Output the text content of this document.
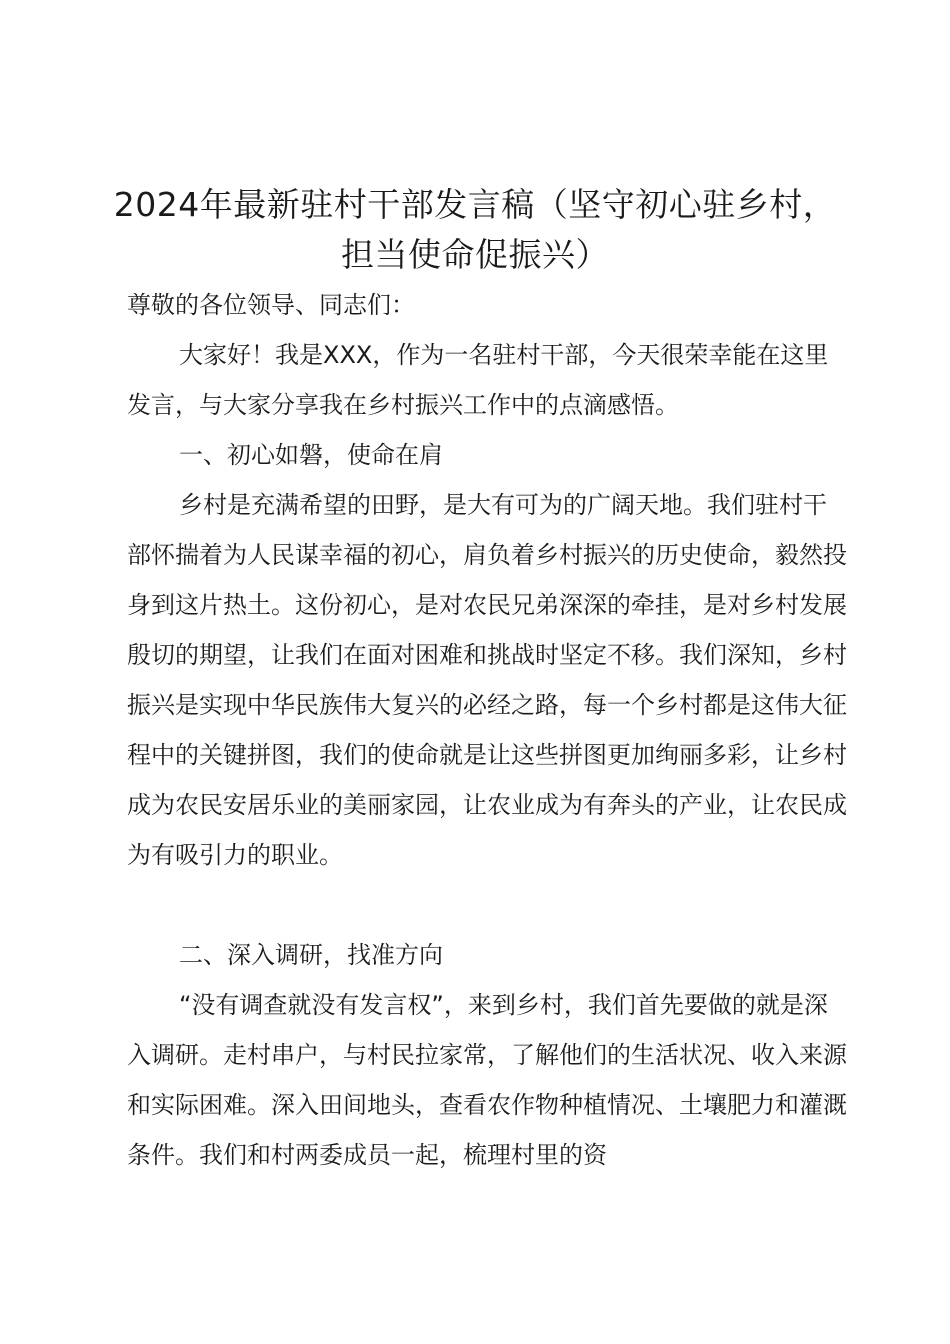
2024年最新驻村干部发言稿（坚守初心驻乡村，担当使命促振兴）

尊敬的各位领导、同志们：

大家好！我是XXX，作为一名驻村干部，今天很荣幸能在这里发言，与大家分享我在乡村振兴工作中的点滴感悟。

一、初心如磐，使命在肩

乡村是充满希望的田野，是大有可为的广阔天地。我们驻村干部怀揣着为人民谋幸福的初心，肩负着乡村振兴的历史使命，毅然投身到这片热土。这份初心，是对农民兄弟深深的牵挂，是对乡村发展殷切的期望，让我们在面对困难和挑战时坚定不移。我们深知，乡村振兴是实现中华民族伟大复兴的必经之路，每一个乡村都是这伟大征程中的关键拼图，我们的使命就是让这些拼图更加绚丽多彩，让乡村成为农民安居乐业的美丽家园，让农业成为有奔头的产业，让农民成为有吸引力的职业。

二、深入调研，找准方向

“没有调查就没有发言权”，来到乡村，我们首先要做的就是深入调研。走村串户，与村民拉家常，了解他们的生活状况、收入来源和实际困难。深入田间地头，查看农作物种植情况、土壤肥力和灌溉条件。我们和村两委成员一起，梳理村里的资
